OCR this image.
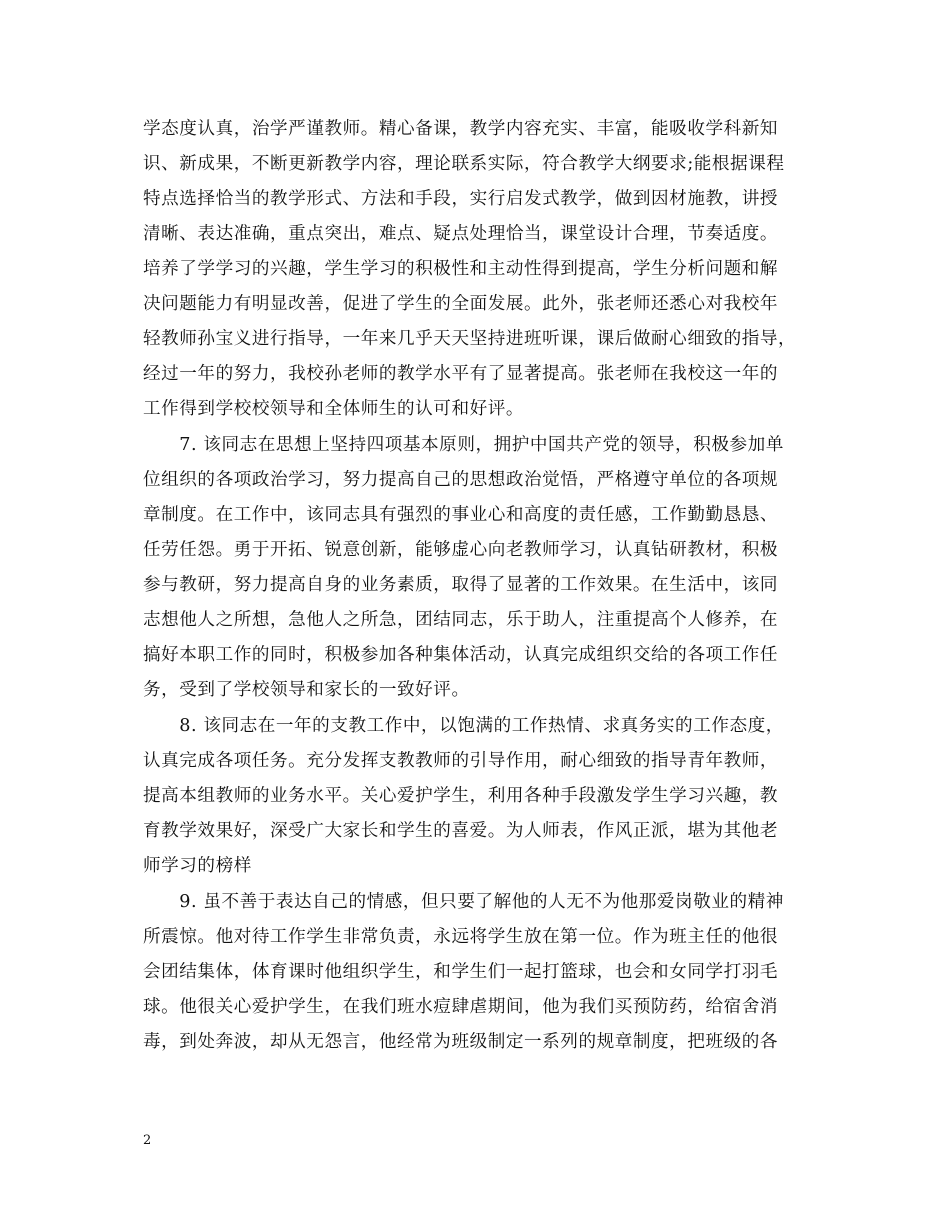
学态度认真，治学严谨教师。精心备课，教学内容充实、丰富，能吸收学科新知
识、新成果，不断更新教学内容，理论联系实际，符合教学大纲要求;能根据课程
特点选择恰当的教学形式、方法和手段，实行启发式教学，做到因材施教，讲授
清晰、表达准确，重点突出，难点、疑点处理恰当，课堂设计合理，节奏适度。
培养了学学习的兴趣，学生学习的积极性和主动性得到提高，学生分析问题和解
决问题能力有明显改善，促进了学生的全面发展。此外，张老师还悉心对我校年
轻教师孙宝义进行指导，一年来几乎天天坚持进班听课，课后做耐心细致的指导，
经过一年的努力，我校孙老师的教学水平有了显著提高。张老师在我校这一年的
工作得到学校校领导和全体师生的认可和好评。
　　7. 该同志在思想上坚持四项基本原则，拥护中国共产党的领导，积极参加单
位组织的各项政治学习，努力提高自己的思想政治觉悟，严格遵守单位的各项规
章制度。在工作中，该同志具有强烈的事业心和高度的责任感，工作勤勤恳恳、
任劳任怨。勇于开拓、锐意创新，能够虚心向老教师学习，认真钻研教材，积极
参与教研，努力提高自身的业务素质，取得了显著的工作效果。在生活中，该同
志想他人之所想，急他人之所急，团结同志，乐于助人，注重提高个人修养，在
搞好本职工作的同时，积极参加各种集体活动，认真完成组织交给的各项工作任
务，受到了学校领导和家长的一致好评。
　　8. 该同志在一年的支教工作中，以饱满的工作热情、求真务实的工作态度，
认真完成各项任务。充分发挥支教教师的引导作用，耐心细致的指导青年教师，
提高本组教师的业务水平。关心爱护学生，利用各种手段激发学生学习兴趣，教
育教学效果好，深受广大家长和学生的喜爱。为人师表，作风正派，堪为其他老
师学习的榜样
　　9. 虽不善于表达自己的情感，但只要了解他的人无不为他那爱岗敬业的精神
所震惊。他对待工作学生非常负责，永远将学生放在第一位。作为班主任的他很
会团结集体，体育课时他组织学生，和学生们一起打篮球，也会和女同学打羽毛
球。他很关心爱护学生，在我们班水痘肆虐期间，他为我们买预防药，给宿舍消
毒，到处奔波，却从无怨言，他经常为班级制定一系列的规章制度，把班级的各
2
